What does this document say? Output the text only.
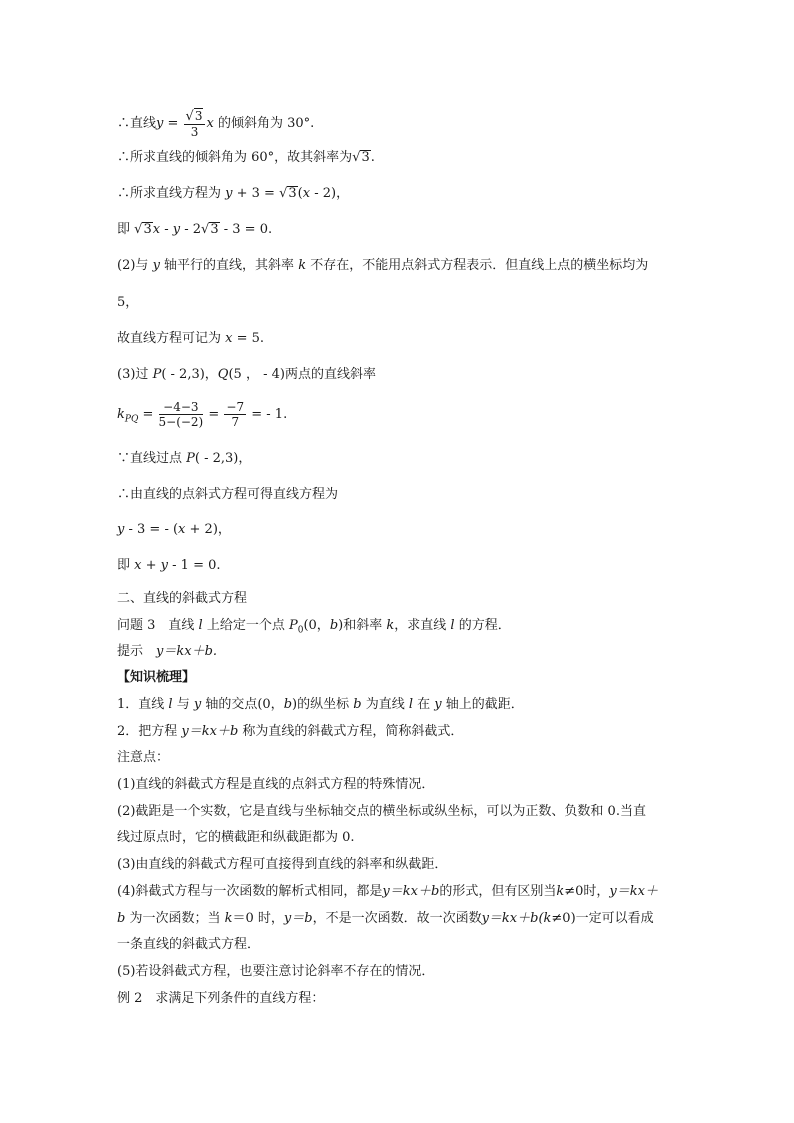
∴直线$y = \frac{√3}{3}$ x 的倾斜角为 30°.
∴所求直线的倾斜角为 60°，故其斜率为√3.
∴所求直线方程为 y + 3 = √3(x - 2)，
即 √3x - y - 2√3 - 3 = 0.
(2)与 y 轴平行的直线，其斜率 k 不存在，不能用点斜式方程表示．但直线上点的横坐标均为
5，
故直线方程可记为 x = 5.
(3)过 P( - 2,3)，Q(5 ， - 4)两点的直线斜率
$k_{PQ} = \frac{-4-3}{5-(-2)} = \frac{-7}{7}$ = - 1.
∵直线过点 P( - 2,3)，
∴由直线的点斜式方程可得直线方程为
y - 3 = - (x + 2)，
即 x + y - 1 = 0.
二、直线的斜截式方程
问题 3　直线 l 上给定一个点 $P_0(0$，b)和斜率 k，求直线 l 的方程．
提示　 y＝kx＋b.
【知识梳理】
1．直线 l 与 y 轴的交点(0，b)的纵坐标 b 为直线 l 在 y 轴上的截距．
2．把方程 y＝kx＋b 称为直线的斜截式方程，简称斜截式．
注意点：
(1)直线的斜截式方程是直线的点斜式方程的特殊情况．
(2)截距是一个实数，它是直线与坐标轴交点的横坐标或纵坐标，可以为正数、负数和 0.当直
线过原点时，它的横截距和纵截距都为 0.
(3)由直线的斜截式方程可直接得到直线的斜率和纵截距．
(4)斜截式方程与一次函数的解析式相同，都是y＝kx＋b的形式，但有区别当k≠0时，y＝kx＋
b 为一次函数；当 k＝0 时，y＝b，不是一次函数．故一次函数y＝kx＋b(k≠0)一定可以看成
一条直线的斜截式方程．
(5)若设斜截式方程，也要注意讨论斜率不存在的情况．
例 2　求满足下列条件的直线方程：
